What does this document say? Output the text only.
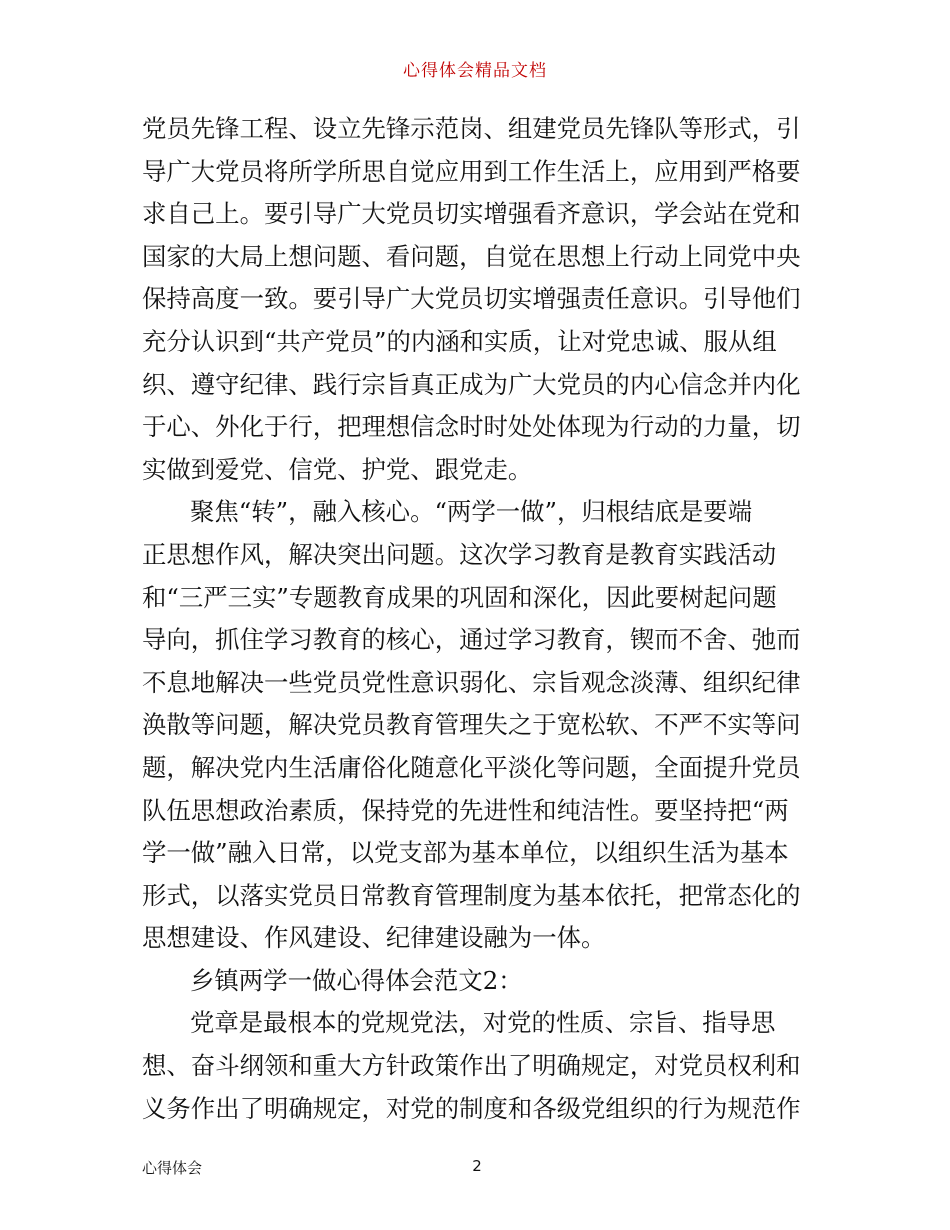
心得体会精品文档
党员先锋工程、设立先锋示范岗、组建党员先锋队等形式，引
导广大党员将所学所思自觉应用到工作生活上，应用到严格要
求自己上。要引导广大党员切实增强看齐意识，学会站在党和
国家的大局上想问题、看问题，自觉在思想上行动上同党中央
保持高度一致。要引导广大党员切实增强责任意识。引导他们
充分认识到“共产党员”的内涵和实质，让对党忠诚、服从组
织、遵守纪律、践行宗旨真正成为广大党员的内心信念并内化
于心、外化于行，把理想信念时时处处体现为行动的力量，切
实做到爱党、信党、护党、跟党走。
聚焦“转”，融入核心。“两学一做”，归根结底是要端
正思想作风，解决突出问题。这次学习教育是教育实践活动
和“三严三实”专题教育成果的巩固和深化，因此要树起问题
导向，抓住学习教育的核心，通过学习教育，锲而不舍、弛而
不息地解决一些党员党性意识弱化、宗旨观念淡薄、组织纪律
涣散等问题，解决党员教育管理失之于宽松软、不严不实等问
题，解决党内生活庸俗化随意化平淡化等问题，全面提升党员
队伍思想政治素质，保持党的先进性和纯洁性。要坚持把“两
学一做”融入日常，以党支部为基本单位，以组织生活为基本
形式，以落实党员日常教育管理制度为基本依托，把常态化的
思想建设、作风建设、纪律建设融为一体。
乡镇两学一做心得体会范文2：
党章是最根本的党规党法，对党的性质、宗旨、指导思
想、奋斗纲领和重大方针政策作出了明确规定，对党员权利和
义务作出了明确规定，对党的制度和各级党组织的行为规范作
心得体会	2
